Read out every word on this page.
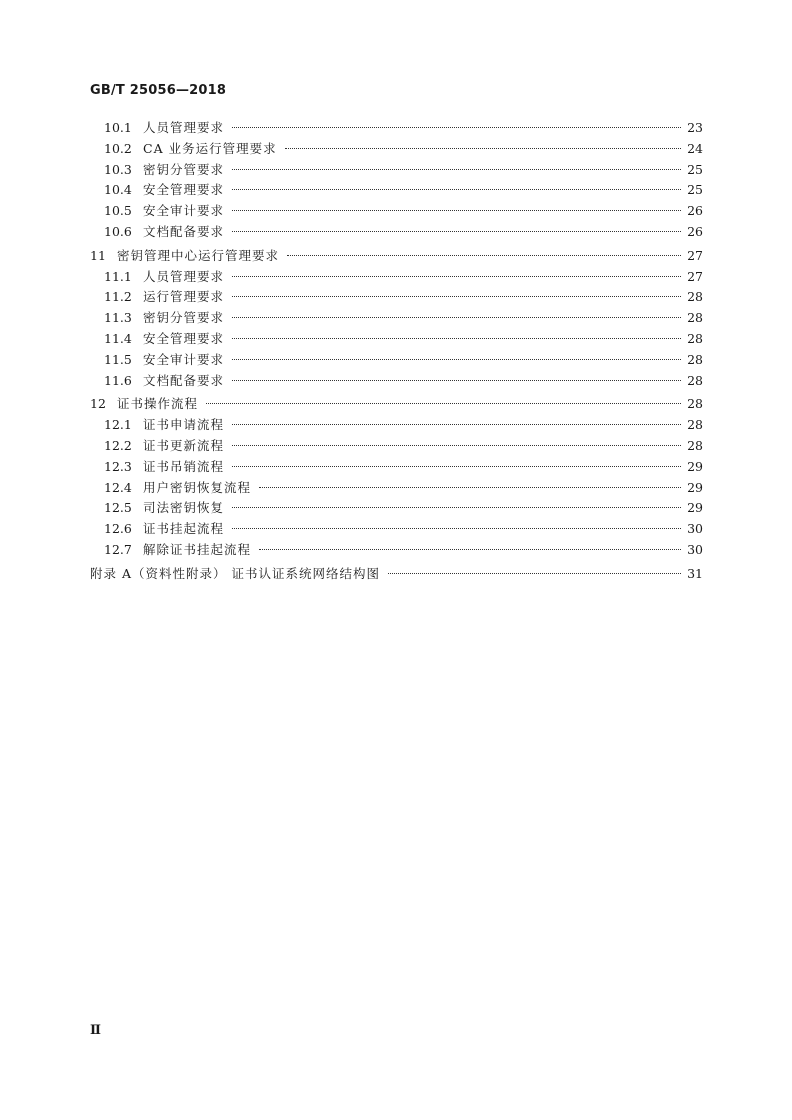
GB/T 25056—2018
10.1 人员管理要求	23
10.2 CA 业务运行管理要求	24
10.3 密钥分管要求	25
10.4 安全管理要求	25
10.5 安全审计要求	26
10.6 文档配备要求	26
11 密钥管理中心运行管理要求	27
11.1 人员管理要求	27
11.2 运行管理要求	28
11.3 密钥分管要求	28
11.4 安全管理要求	28
11.5 安全审计要求	28
11.6 文档配备要求	28
12 证书操作流程	28
12.1 证书申请流程	28
12.2 证书更新流程	28
12.3 证书吊销流程	29
12.4 用户密钥恢复流程	29
12.5 司法密钥恢复	29
12.6 证书挂起流程	30
12.7 解除证书挂起流程	30
附录 A（资料性附录） 证书认证系统网络结构图	31
Ⅱ
